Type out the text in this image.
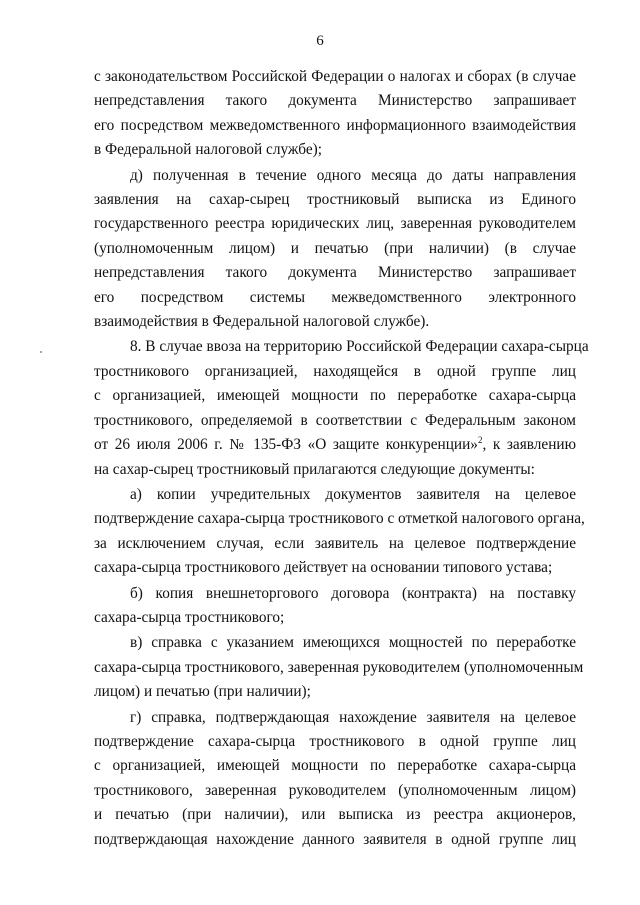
6

с законодательством Российской Федерации о налогах и сборах (в случае
непредставления такого документа Министерство запрашивает
его посредством межведомственного информационного взаимодействия
в Федеральной налоговой службе);

д) полученная в течение одного месяца до даты направления
заявления на сахар-сырец тростниковый выписка из Единого
государственного реестра юридических лиц, заверенная руководителем
(уполномоченным лицом) и печатью (при наличии) (в случае
непредставления такого документа Министерство запрашивает
его посредством системы межведомственного электронного
взаимодействия в Федеральной налоговой службе).

8. В случае ввоза на территорию Российской Федерации сахара-сырца
тростникового организацией, находящейся в одной группе лиц
с организацией, имеющей мощности по переработке сахара-сырца
тростникового, определяемой в соответствии с Федеральным законом
от 26 июля 2006 г. № 135-ФЗ «О защите конкуренции»$^2$, к заявлению
на сахар-сырец тростниковый прилагаются следующие документы:

а) копии учредительных документов заявителя на целевое
подтверждение сахара-сырца тростникового с отметкой налогового органа,
за исключением случая, если заявитель на целевое подтверждение
сахара-сырца тростникового действует на основании типового устава;

б) копия внешнеторгового договора (контракта) на поставку
сахара-сырца тростникового;

в) справка с указанием имеющихся мощностей по переработке
сахара-сырца тростникового, заверенная руководителем (уполномоченным
лицом) и печатью (при наличии);

г) справка, подтверждающая нахождение заявителя на целевое
подтверждение сахара-сырца тростникового в одной группе лиц
с организацией, имеющей мощности по переработке сахара-сырца
тростникового, заверенная руководителем (уполномоченным лицом)
и печатью (при наличии), или выписка из реестра акционеров,
подтверждающая нахождение данного заявителя в одной группе лиц
